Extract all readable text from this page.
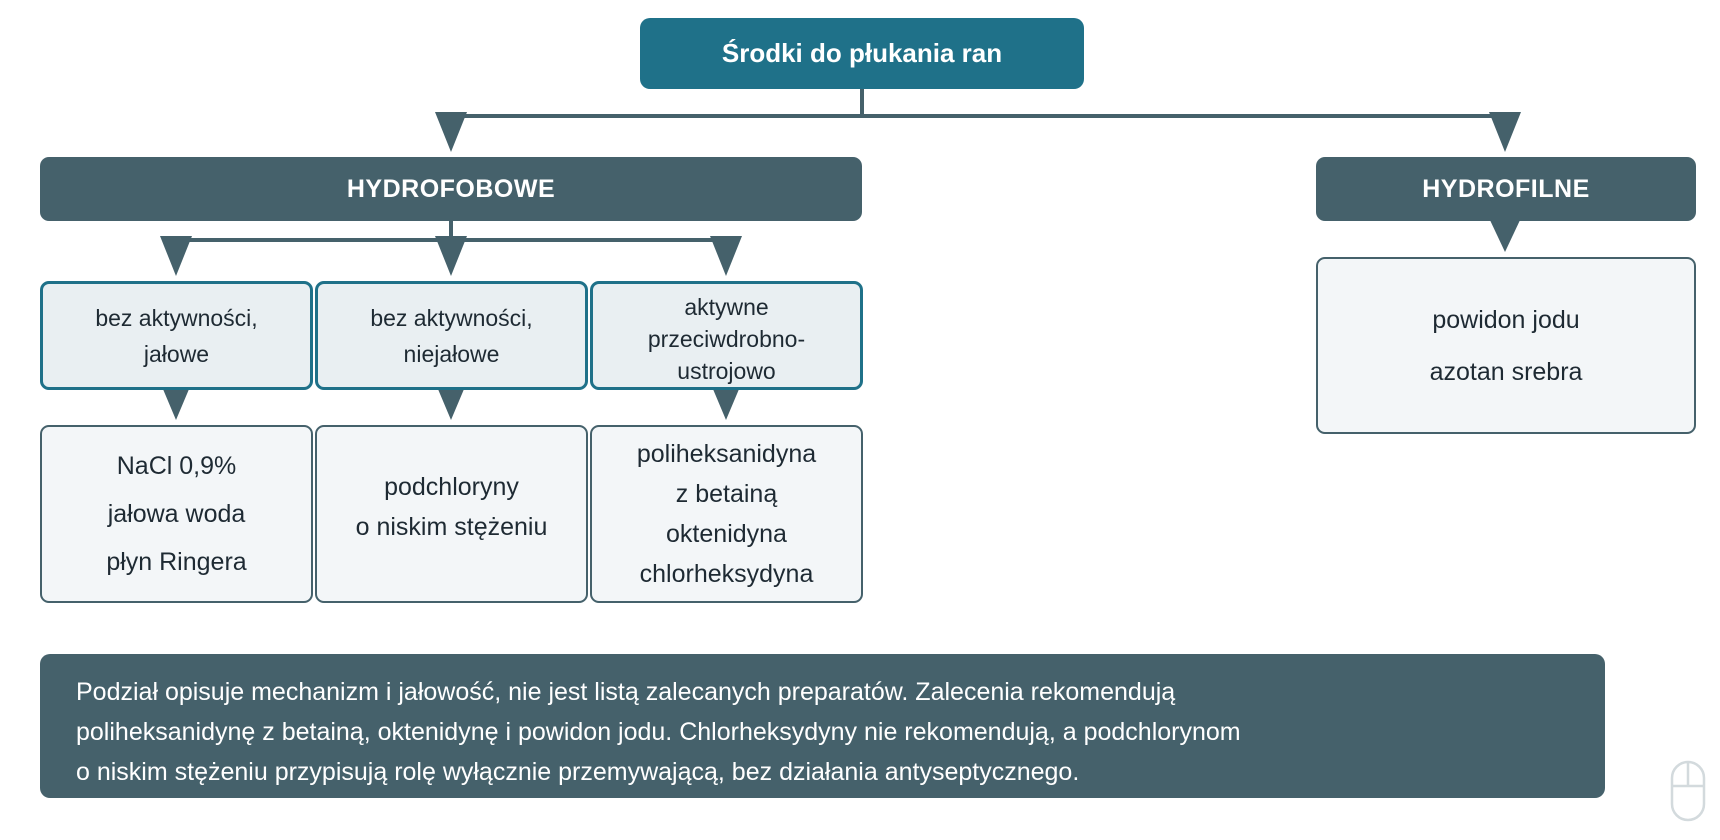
Środki do płukania ran
HYDROFOBOWE	HYDROFILNE
bez aktywności,
jałowe
bez aktywności,
niejałowe
aktywne
przeciwdrobno-
ustrojowo
NaCl 0,9%
jałowa woda
płyn Ringera
podchloryny
o niskim stężeniu
poliheksanidyna
z betainą
oktenidyna
chlorheksydyna
powidon jodu
azotan srebra
Podział opisuje mechanizm i jałowość, nie jest listą zalecanych preparatów. Zalecenia rekomendują
poliheksanidynę z betainą, oktenidynę i powidon jodu. Chlorheksydyny nie rekomendują, a podchlorynom
o niskim stężeniu przypisują rolę wyłącznie przemywającą, bez działania antyseptycznego.
